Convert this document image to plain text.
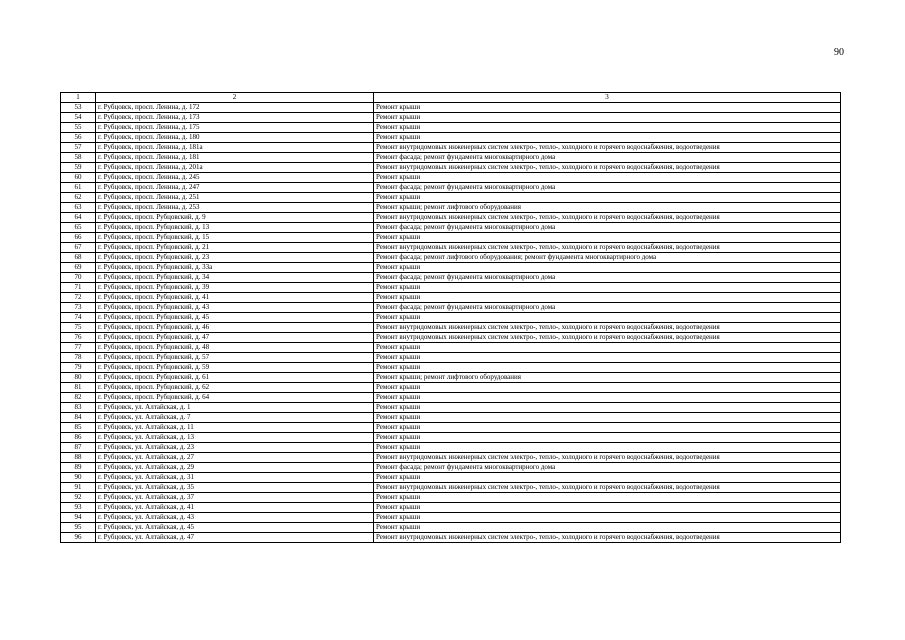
90
1	2	3
53	г. Рубцовск, просп. Ленина, д. 172	Ремонт крыши
54	г. Рубцовск, просп. Ленина, д. 173	Ремонт крыши
55	г. Рубцовск, просп. Ленина, д. 175	Ремонт крыши
56	г. Рубцовск, просп. Ленина, д. 180	Ремонт крыши
57	г. Рубцовск, просп. Ленина, д. 181а	Ремонт внутридомовых инженерных систем электро-, тепло-, холодного и горячего водоснабжения, водоотведения
58	г. Рубцовск, просп. Ленина, д. 181	Ремонт фасада; ремонт фундамента многоквартирного дома
59	г. Рубцовск, просп. Ленина, д. 201а	Ремонт внутридомовых инженерных систем электро-, тепло-, холодного и горячего водоснабжения, водоотведения
60	г. Рубцовск, просп. Ленина, д. 245	Ремонт крыши
61	г. Рубцовск, просп. Ленина, д. 247	Ремонт фасада; ремонт фундамента многоквартирного дома
62	г. Рубцовск, просп. Ленина, д. 251	Ремонт крыши
63	г. Рубцовск, просп. Ленина, д. 253	Ремонт крыши; ремонт лифтового оборудования
64	г. Рубцовск, просп. Рубцовский, д. 9	Ремонт внутридомовых инженерных систем электро-, тепло-, холодного и горячего водоснабжения, водоотведения
65	г. Рубцовск, просп. Рубцовский, д. 13	Ремонт фасада; ремонт фундамента многоквартирного дома
66	г. Рубцовск, просп. Рубцовский, д. 15	Ремонт крыши
67	г. Рубцовск, просп. Рубцовский, д. 21	Ремонт внутридомовых инженерных систем электро-, тепло-, холодного и горячего водоснабжения, водоотведения
68	г. Рубцовск, просп. Рубцовский, д. 23	Ремонт фасада; ремонт лифтового оборудования; ремонт фундамента многоквартирного дома
69	г. Рубцовск, просп. Рубцовский, д. 33а	Ремонт крыши
70	г. Рубцовск, просп. Рубцовский, д. 34	Ремонт фасада; ремонт фундамента многоквартирного дома
71	г. Рубцовск, просп. Рубцовский, д. 39	Ремонт крыши
72	г. Рубцовск, просп. Рубцовский, д. 41	Ремонт крыши
73	г. Рубцовск, просп. Рубцовский, д. 43	Ремонт фасада; ремонт фундамента многоквартирного дома
74	г. Рубцовск, просп. Рубцовский, д. 45	Ремонт крыши
75	г. Рубцовск, просп. Рубцовский, д. 46	Ремонт внутридомовых инженерных систем электро-, тепло-, холодного и горячего водоснабжения, водоотведения
76	г. Рубцовск, просп. Рубцовский, д. 47	Ремонт внутридомовых инженерных систем электро-, тепло-, холодного и горячего водоснабжения, водоотведения
77	г. Рубцовск, просп. Рубцовский, д. 48	Ремонт крыши
78	г. Рубцовск, просп. Рубцовский, д. 57	Ремонт крыши
79	г. Рубцовск, просп. Рубцовский, д. 59	Ремонт крыши
80	г. Рубцовск, просп. Рубцовский, д. 61	Ремонт крыши; ремонт лифтового оборудования
81	г. Рубцовск, просп. Рубцовский, д. 62	Ремонт крыши
82	г. Рубцовск, просп. Рубцовский, д. 64	Ремонт крыши
83	г. Рубцовск, ул. Алтайская, д. 1	Ремонт крыши
84	г. Рубцовск, ул. Алтайская, д. 7	Ремонт крыши
85	г. Рубцовск, ул. Алтайская, д. 11	Ремонт крыши
86	г. Рубцовск, ул. Алтайская, д. 13	Ремонт крыши
87	г. Рубцовск, ул. Алтайская, д. 23	Ремонт крыши
88	г. Рубцовск, ул. Алтайская, д. 27	Ремонт внутридомовых инженерных систем электро-, тепло-, холодного и горячего водоснабжения, водоотведения
89	г. Рубцовск, ул. Алтайская, д. 29	Ремонт фасада; ремонт фундамента многоквартирного дома
90	г. Рубцовск, ул. Алтайская, д. 31	Ремонт крыши
91	г. Рубцовск, ул. Алтайская, д. 35	Ремонт внутридомовых инженерных систем электро-, тепло-, холодного и горячего водоснабжения, водоотведения
92	г. Рубцовск, ул. Алтайская, д. 37	Ремонт крыши
93	г. Рубцовск, ул. Алтайская, д. 41	Ремонт крыши
94	г. Рубцовск, ул. Алтайская, д. 43	Ремонт крыши
95	г. Рубцовск, ул. Алтайская, д. 45	Ремонт крыши
96	г. Рубцовск, ул. Алтайская, д. 47	Ремонт внутридомовых инженерных систем электро-, тепло-, холодного и горячего водоснабжения, водоотведения
